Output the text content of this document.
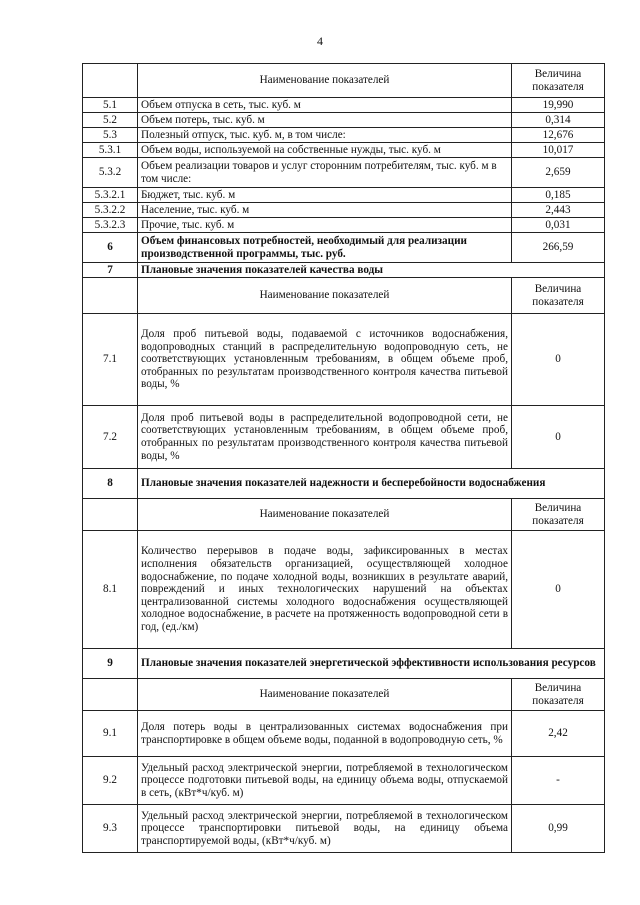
4
	Наименование показателей	Величина показателя
5.1	Объем отпуска в сеть, тыс. куб. м	19,990
5.2	Объем потерь, тыс. куб. м	0,314
5.3	Полезный отпуск, тыс. куб. м, в том числе:	12,676
5.3.1	Объем воды, используемой на собственные нужды, тыс. куб. м	10,017
5.3.2	Объем реализации товаров и услуг сторонним потребителям, тыс. куб. м в том числе:	2,659
5.3.2.1	Бюджет, тыс. куб. м	0,185
5.3.2.2	Население, тыс. куб. м	2,443
5.3.2.3	Прочие, тыс. куб. м	0,031
6	Объем финансовых потребностей, необходимый для реализации производственной программы, тыс. руб.	266,59
7	Плановые значения показателей качества воды	
	Наименование показателей	Величина показателя
7.1	Доля проб питьевой воды, подаваемой с источников водоснабжения, водопроводных станций в распределительную водопроводную сеть, не соответствующих установленным требованиям, в общем объеме проб, отобранных по результатам производственного контроля качества питьевой воды, %	0
7.2	Доля проб питьевой воды в распределительной водопроводной сети, не соответствующих установленным требованиям, в общем объеме проб, отобранных по результатам производственного контроля качества питьевой воды, %	0
8	Плановые значения показателей надежности и бесперебойности водоснабжения	
	Наименование показателей	Величина показателя
8.1	Количество перерывов в подаче воды, зафиксированных в местах исполнения обязательств организацией, осуществляющей холодное водоснабжение, по подаче холодной воды, возникших в результате аварий, повреждений и иных технологических нарушений на объектах централизованной системы холодного водоснабжения осуществляющей холодное водоснабжение, в расчете на протяженность водопроводной сети в год, (ед./км)	0
9	Плановые значения показателей энергетической эффективности использования ресурсов	
	Наименование показателей	Величина показателя
9.1	Доля потерь воды в централизованных системах водоснабжения при транспортировке в общем объеме воды, поданной в водопроводную сеть, %	2,42
9.2	Удельный расход электрической энергии, потребляемой в технологическом процессе подготовки питьевой воды, на единицу объема воды, отпускаемой в сеть, (кВт*ч/куб. м)	-
9.3	Удельный расход электрической энергии, потребляемой в технологическом процессе транспортировки питьевой воды, на единицу объема транспортируемой воды, (кВт*ч/куб. м)	0,99
